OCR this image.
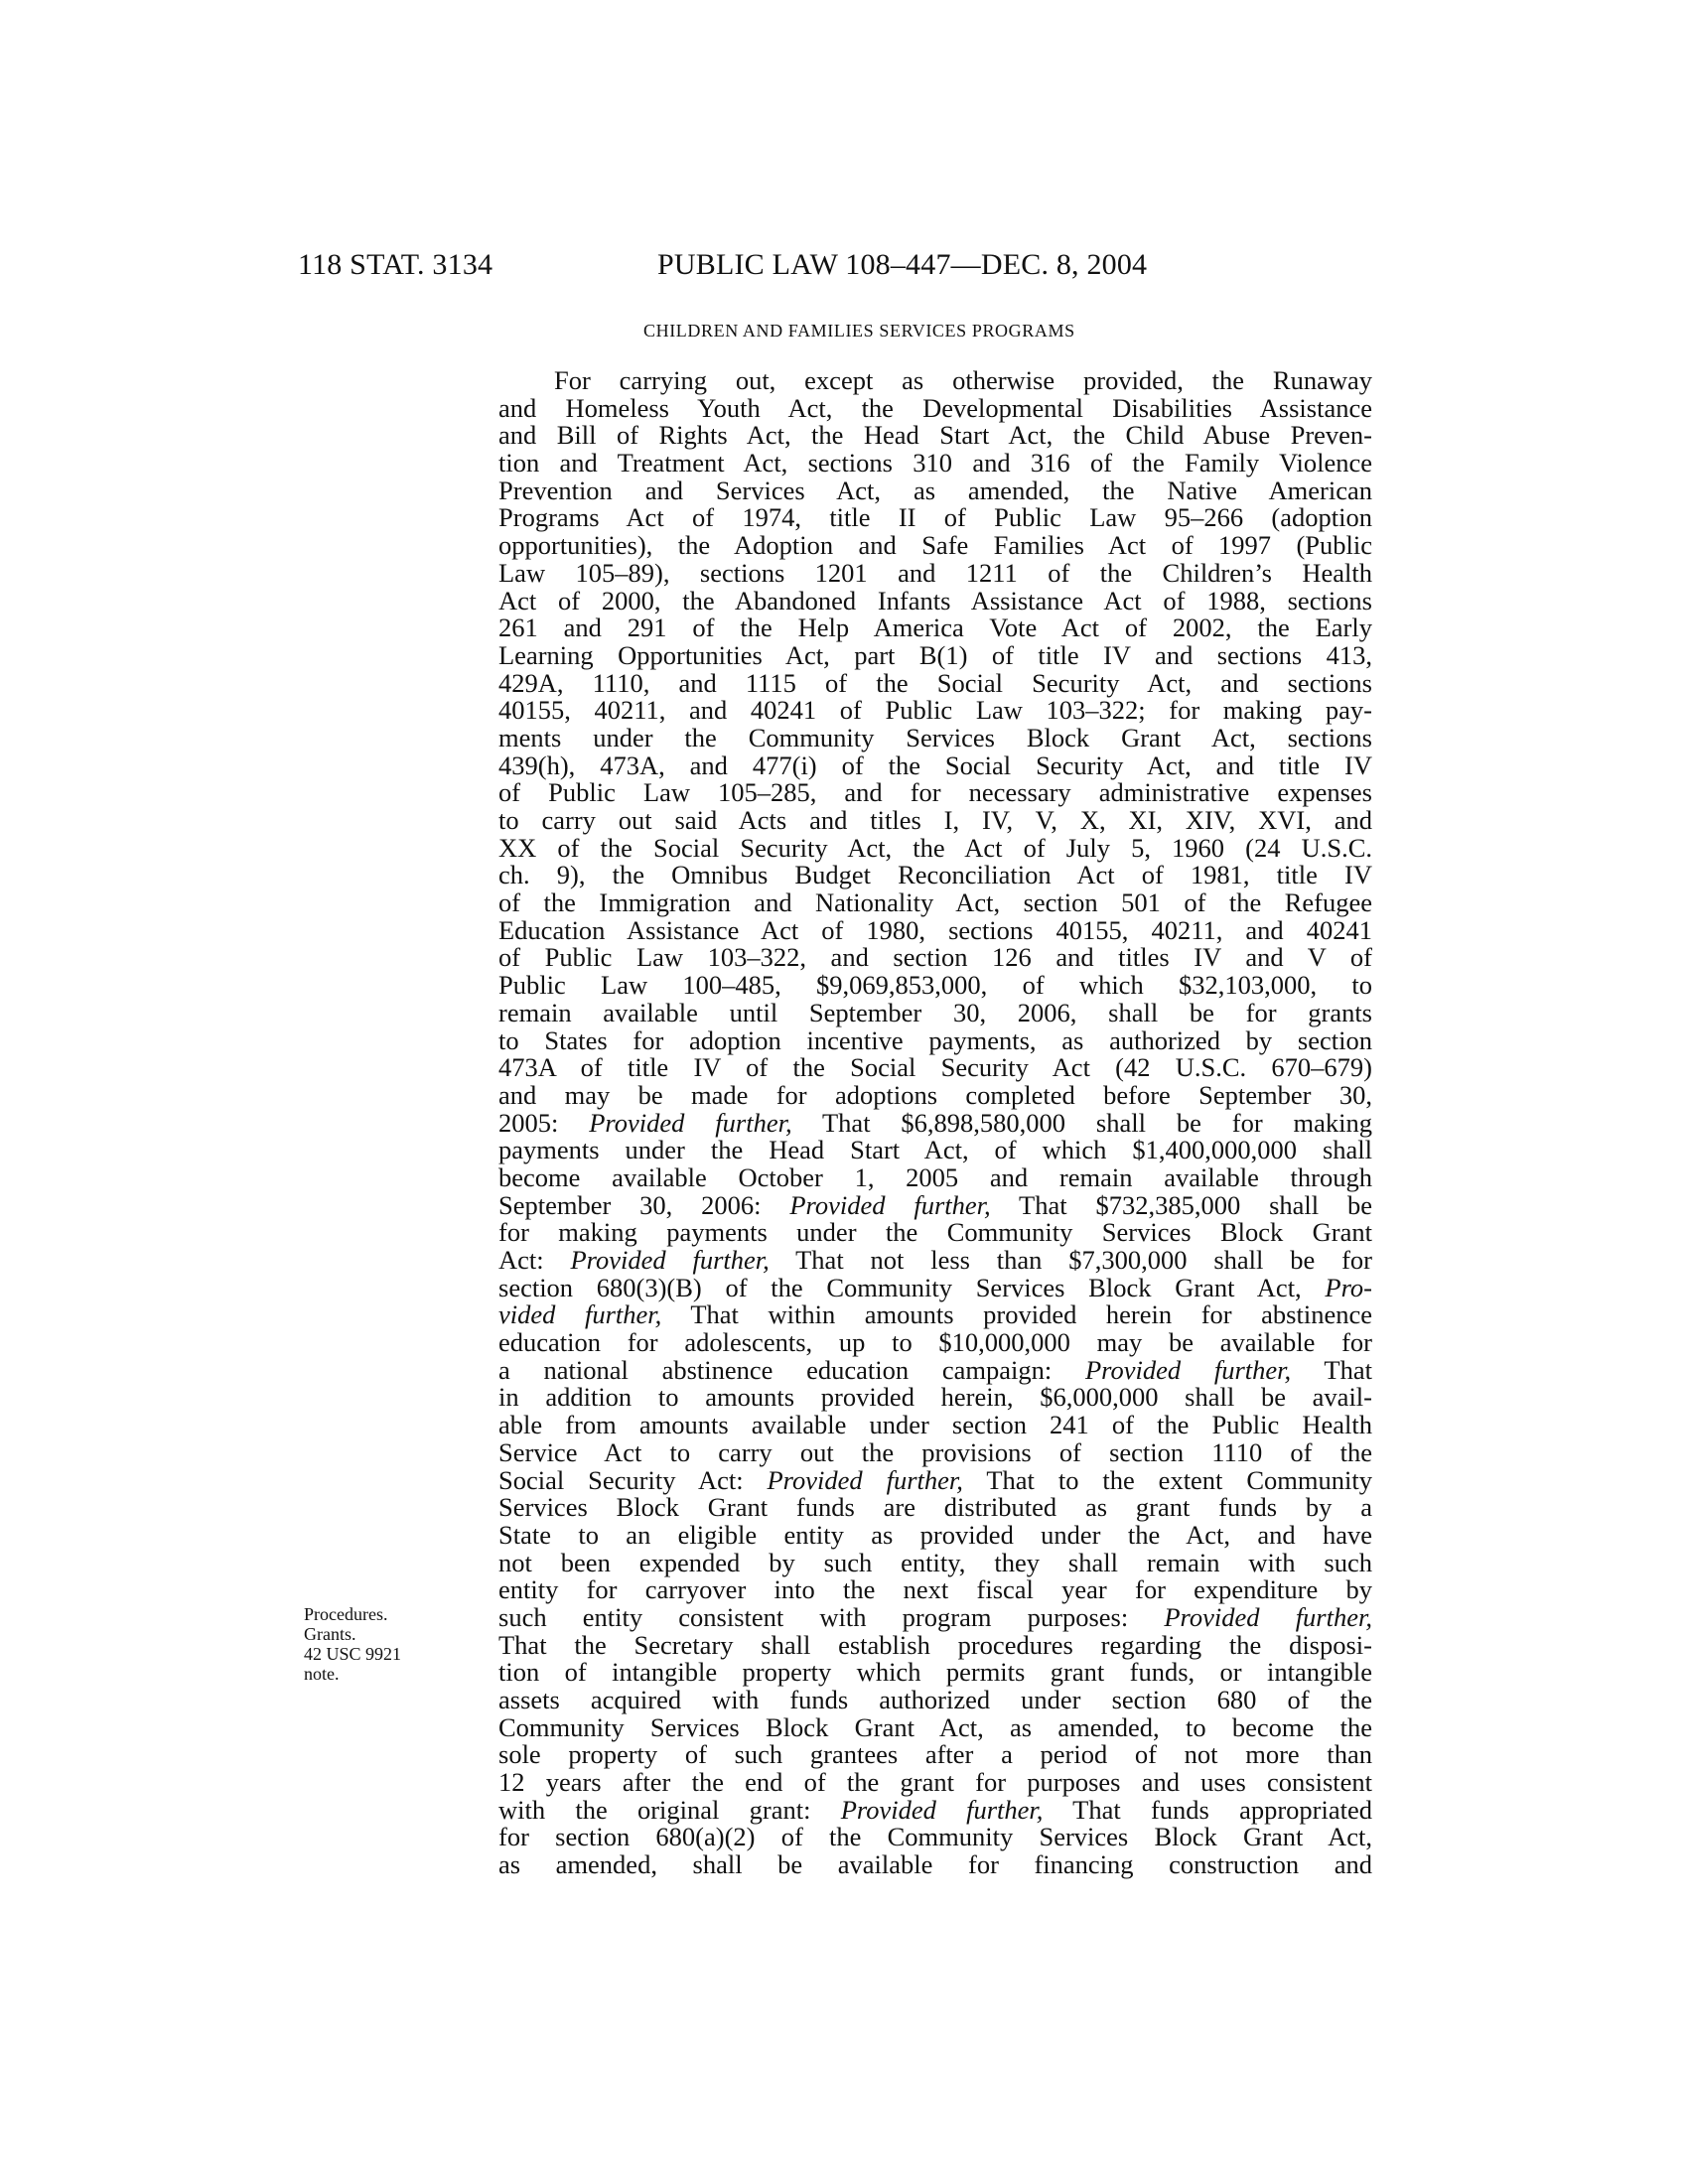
118 STAT. 3134	PUBLIC LAW 108–447—DEC. 8, 2004
CHILDREN AND FAMILIES SERVICES PROGRAMS
Procedures.
Grants.
42 USC 9921
note.
For carrying out, except as otherwise provided, the Runaway
and Homeless Youth Act, the Developmental Disabilities Assistance
and Bill of Rights Act, the Head Start Act, the Child Abuse Preven-
tion and Treatment Act, sections 310 and 316 of the Family Violence
Prevention and Services Act, as amended, the Native American
Programs Act of 1974, title II of Public Law 95–266 (adoption
opportunities), the Adoption and Safe Families Act of 1997 (Public
Law 105–89), sections 1201 and 1211 of the Children’s Health
Act of 2000, the Abandoned Infants Assistance Act of 1988, sections
261 and 291 of the Help America Vote Act of 2002, the Early
Learning Opportunities Act, part B(1) of title IV and sections 413,
429A, 1110, and 1115 of the Social Security Act, and sections
40155, 40211, and 40241 of Public Law 103–322; for making pay-
ments under the Community Services Block Grant Act, sections
439(h), 473A, and 477(i) of the Social Security Act, and title IV
of Public Law 105–285, and for necessary administrative expenses
to carry out said Acts and titles I, IV, V, X, XI, XIV, XVI, and
XX of the Social Security Act, the Act of July 5, 1960 (24 U.S.C.
ch. 9), the Omnibus Budget Reconciliation Act of 1981, title IV
of the Immigration and Nationality Act, section 501 of the Refugee
Education Assistance Act of 1980, sections 40155, 40211, and 40241
of Public Law 103–322, and section 126 and titles IV and V of
Public Law 100–485, $9,069,853,000, of which $32,103,000, to
remain available until September 30, 2006, shall be for grants
to States for adoption incentive payments, as authorized by section
473A of title IV of the Social Security Act (42 U.S.C. 670–679)
and may be made for adoptions completed before September 30,
2005: Provided further, That $6,898,580,000 shall be for making
payments under the Head Start Act, of which $1,400,000,000 shall
become available October 1, 2005 and remain available through
September 30, 2006: Provided further, That $732,385,000 shall be
for making payments under the Community Services Block Grant
Act: Provided further, That not less than $7,300,000 shall be for
section 680(3)(B) of the Community Services Block Grant Act, Pro-
vided further, That within amounts provided herein for abstinence
education for adolescents, up to $10,000,000 may be available for
a national abstinence education campaign: Provided further, That
in addition to amounts provided herein, $6,000,000 shall be avail-
able from amounts available under section 241 of the Public Health
Service Act to carry out the provisions of section 1110 of the
Social Security Act: Provided further, That to the extent Community
Services Block Grant funds are distributed as grant funds by a
State to an eligible entity as provided under the Act, and have
not been expended by such entity, they shall remain with such
entity for carryover into the next fiscal year for expenditure by
such entity consistent with program purposes: Provided further,
That the Secretary shall establish procedures regarding the disposi-
tion of intangible property which permits grant funds, or intangible
assets acquired with funds authorized under section 680 of the
Community Services Block Grant Act, as amended, to become the
sole property of such grantees after a period of not more than
12 years after the end of the grant for purposes and uses consistent
with the original grant: Provided further, That funds appropriated
for section 680(a)(2) of the Community Services Block Grant Act,
as amended, shall be available for financing construction and
